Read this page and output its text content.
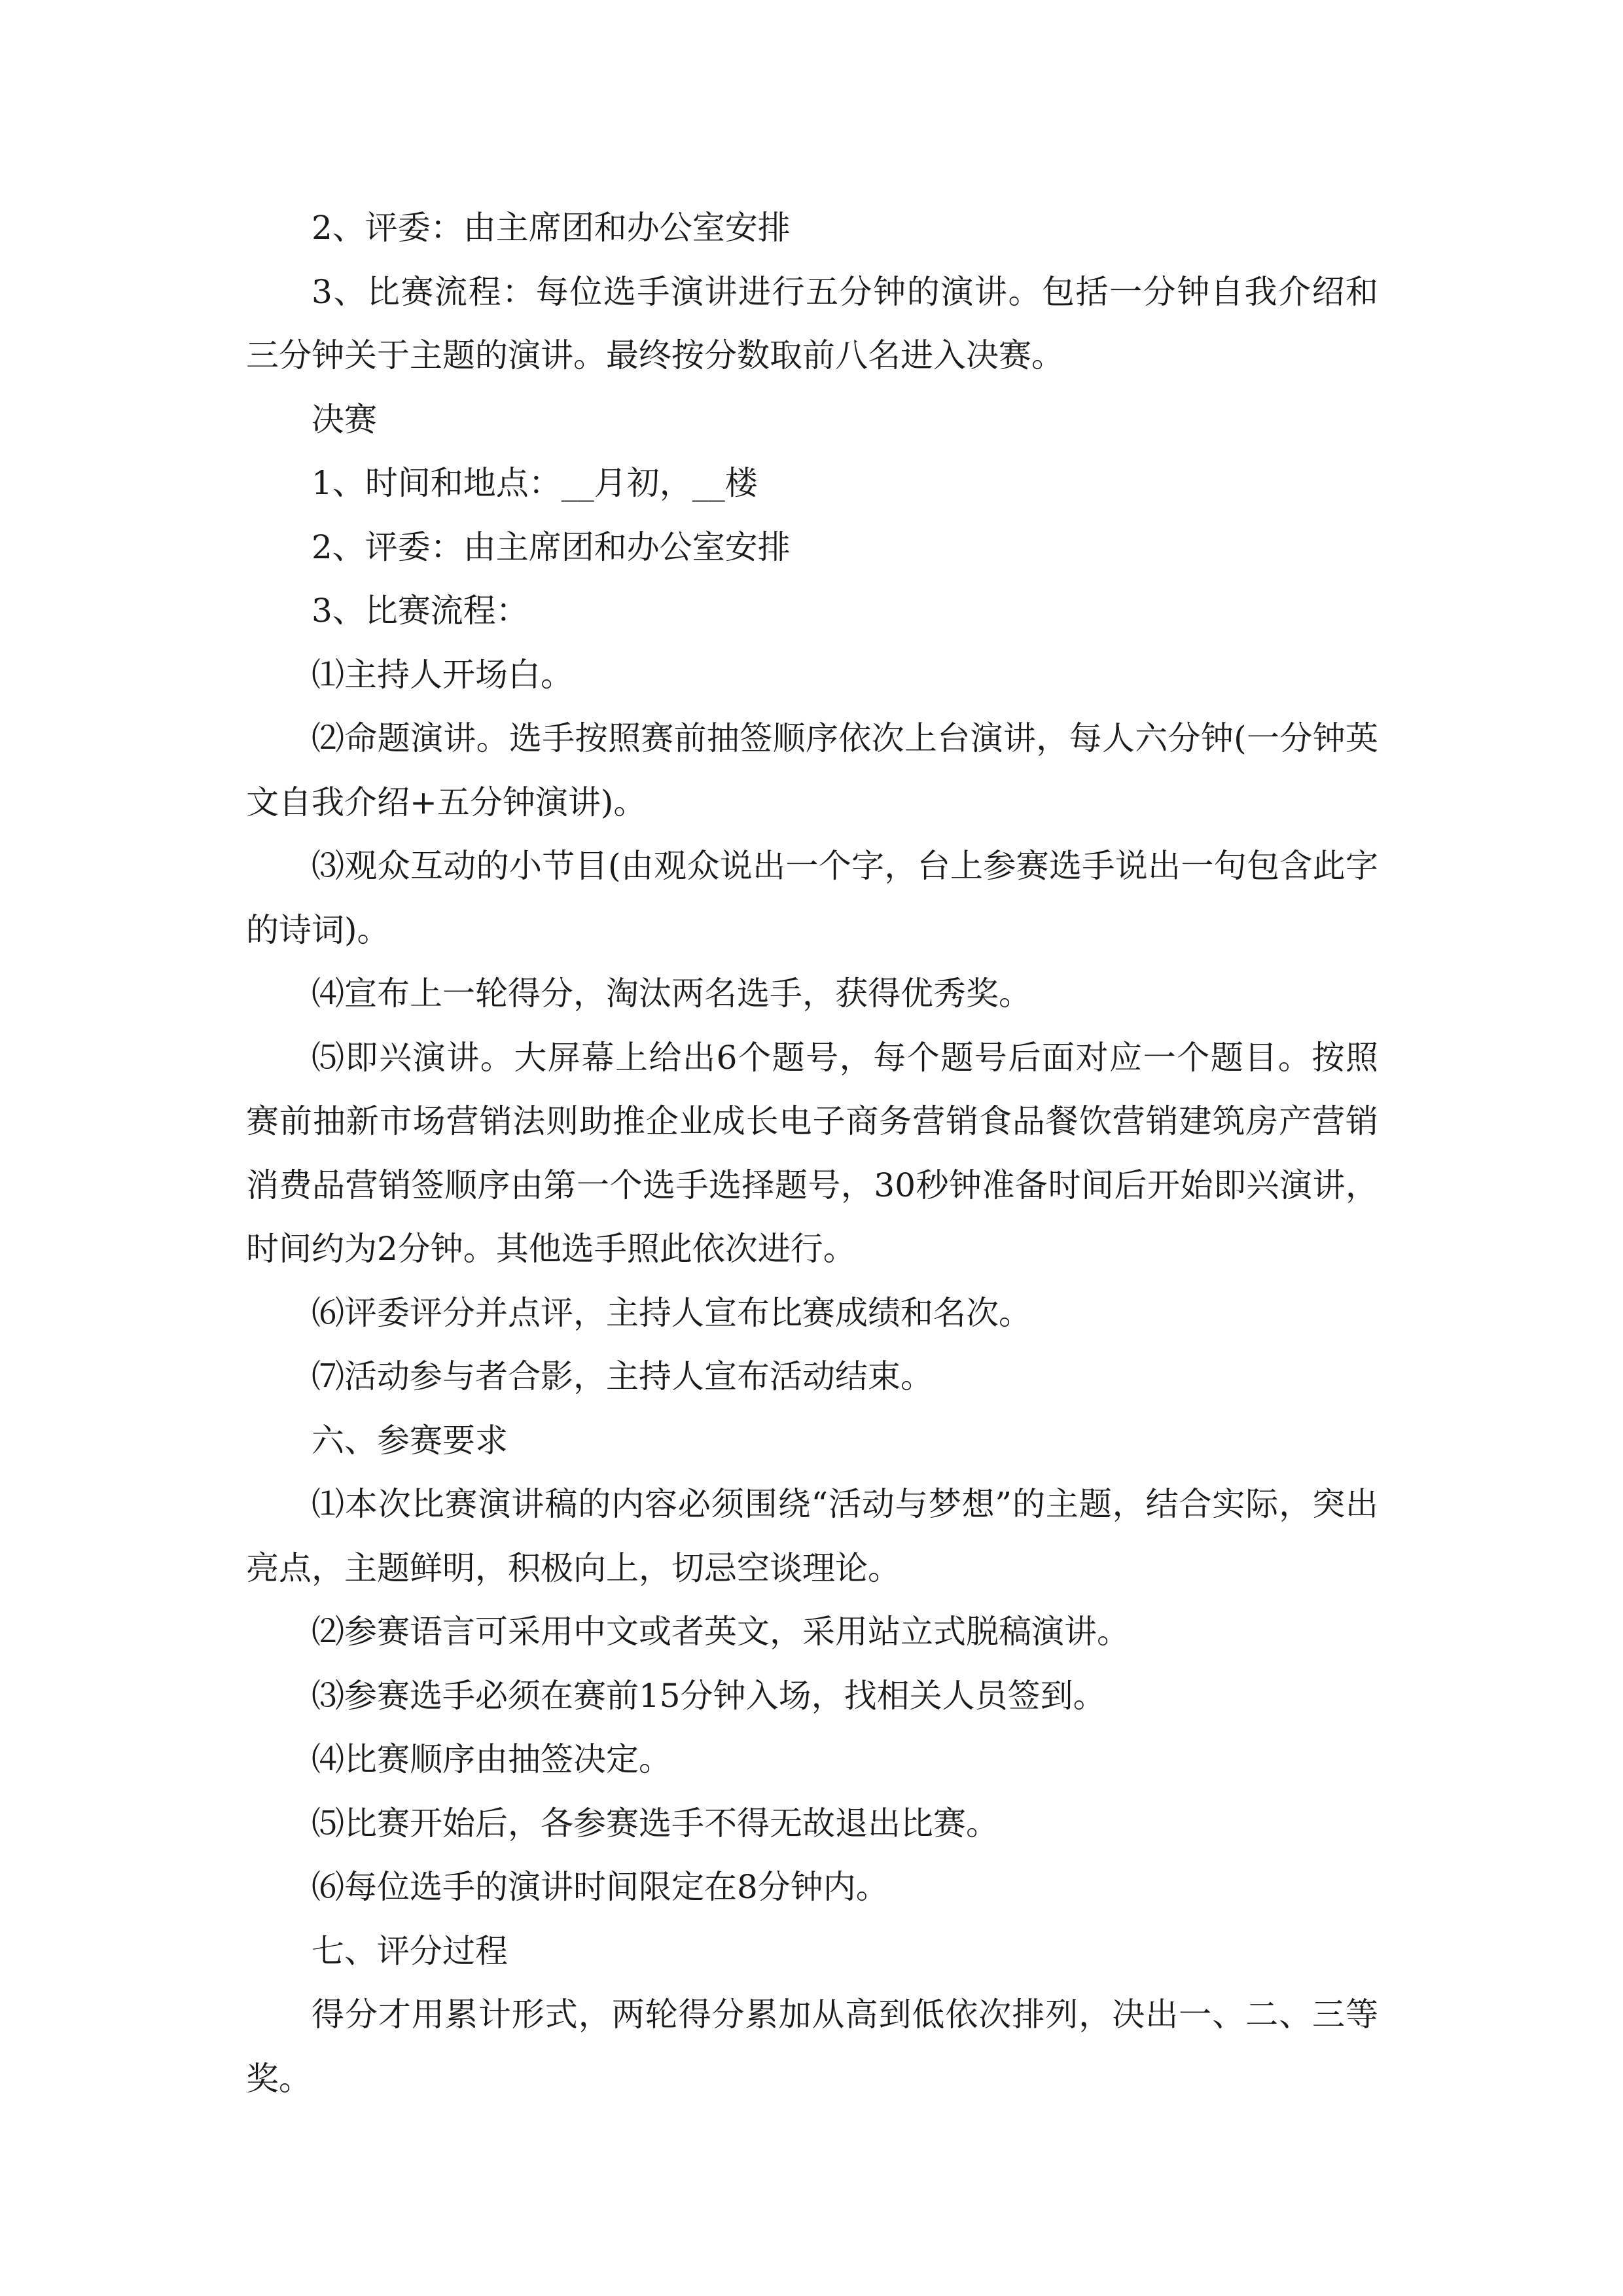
2、评委：由主席团和办公室安排

3、比赛流程：每位选手演讲进行五分钟的演讲。包括一分钟自我介绍和三分钟关于主题的演讲。最终按分数取前八名进入决赛。

决赛

1、时间和地点：__月初，__楼

2、评委：由主席团和办公室安排

3、比赛流程：

⑴主持人开场白。

⑵命题演讲。选手按照赛前抽签顺序依次上台演讲，每人六分钟(一分钟英文自我介绍+五分钟演讲)。

⑶观众互动的小节目(由观众说出一个字，台上参赛选手说出一句包含此字的诗词)。

⑷宣布上一轮得分，淘汰两名选手，获得优秀奖。

⑸即兴演讲。大屏幕上给出6个题号，每个题号后面对应一个题目。按照赛前抽新市场营销法则助推企业成长电子商务营销食品餐饮营销建筑房产营销消费品营销签顺序由第一个选手选择题号，30秒钟准备时间后开始即兴演讲，时间约为2分钟。其他选手照此依次进行。

⑹评委评分并点评，主持人宣布比赛成绩和名次。

⑺活动参与者合影，主持人宣布活动结束。

六、参赛要求

⑴本次比赛演讲稿的内容必须围绕“活动与梦想”的主题，结合实际，突出亮点，主题鲜明，积极向上，切忌空谈理论。

⑵参赛语言可采用中文或者英文，采用站立式脱稿演讲。

⑶参赛选手必须在赛前15分钟入场，找相关人员签到。

⑷比赛顺序由抽签决定。

⑸比赛开始后，各参赛选手不得无故退出比赛。

⑹每位选手的演讲时间限定在8分钟内。

七、评分过程

得分才用累计形式，两轮得分累加从高到低依次排列，决出一、二、三等奖。
